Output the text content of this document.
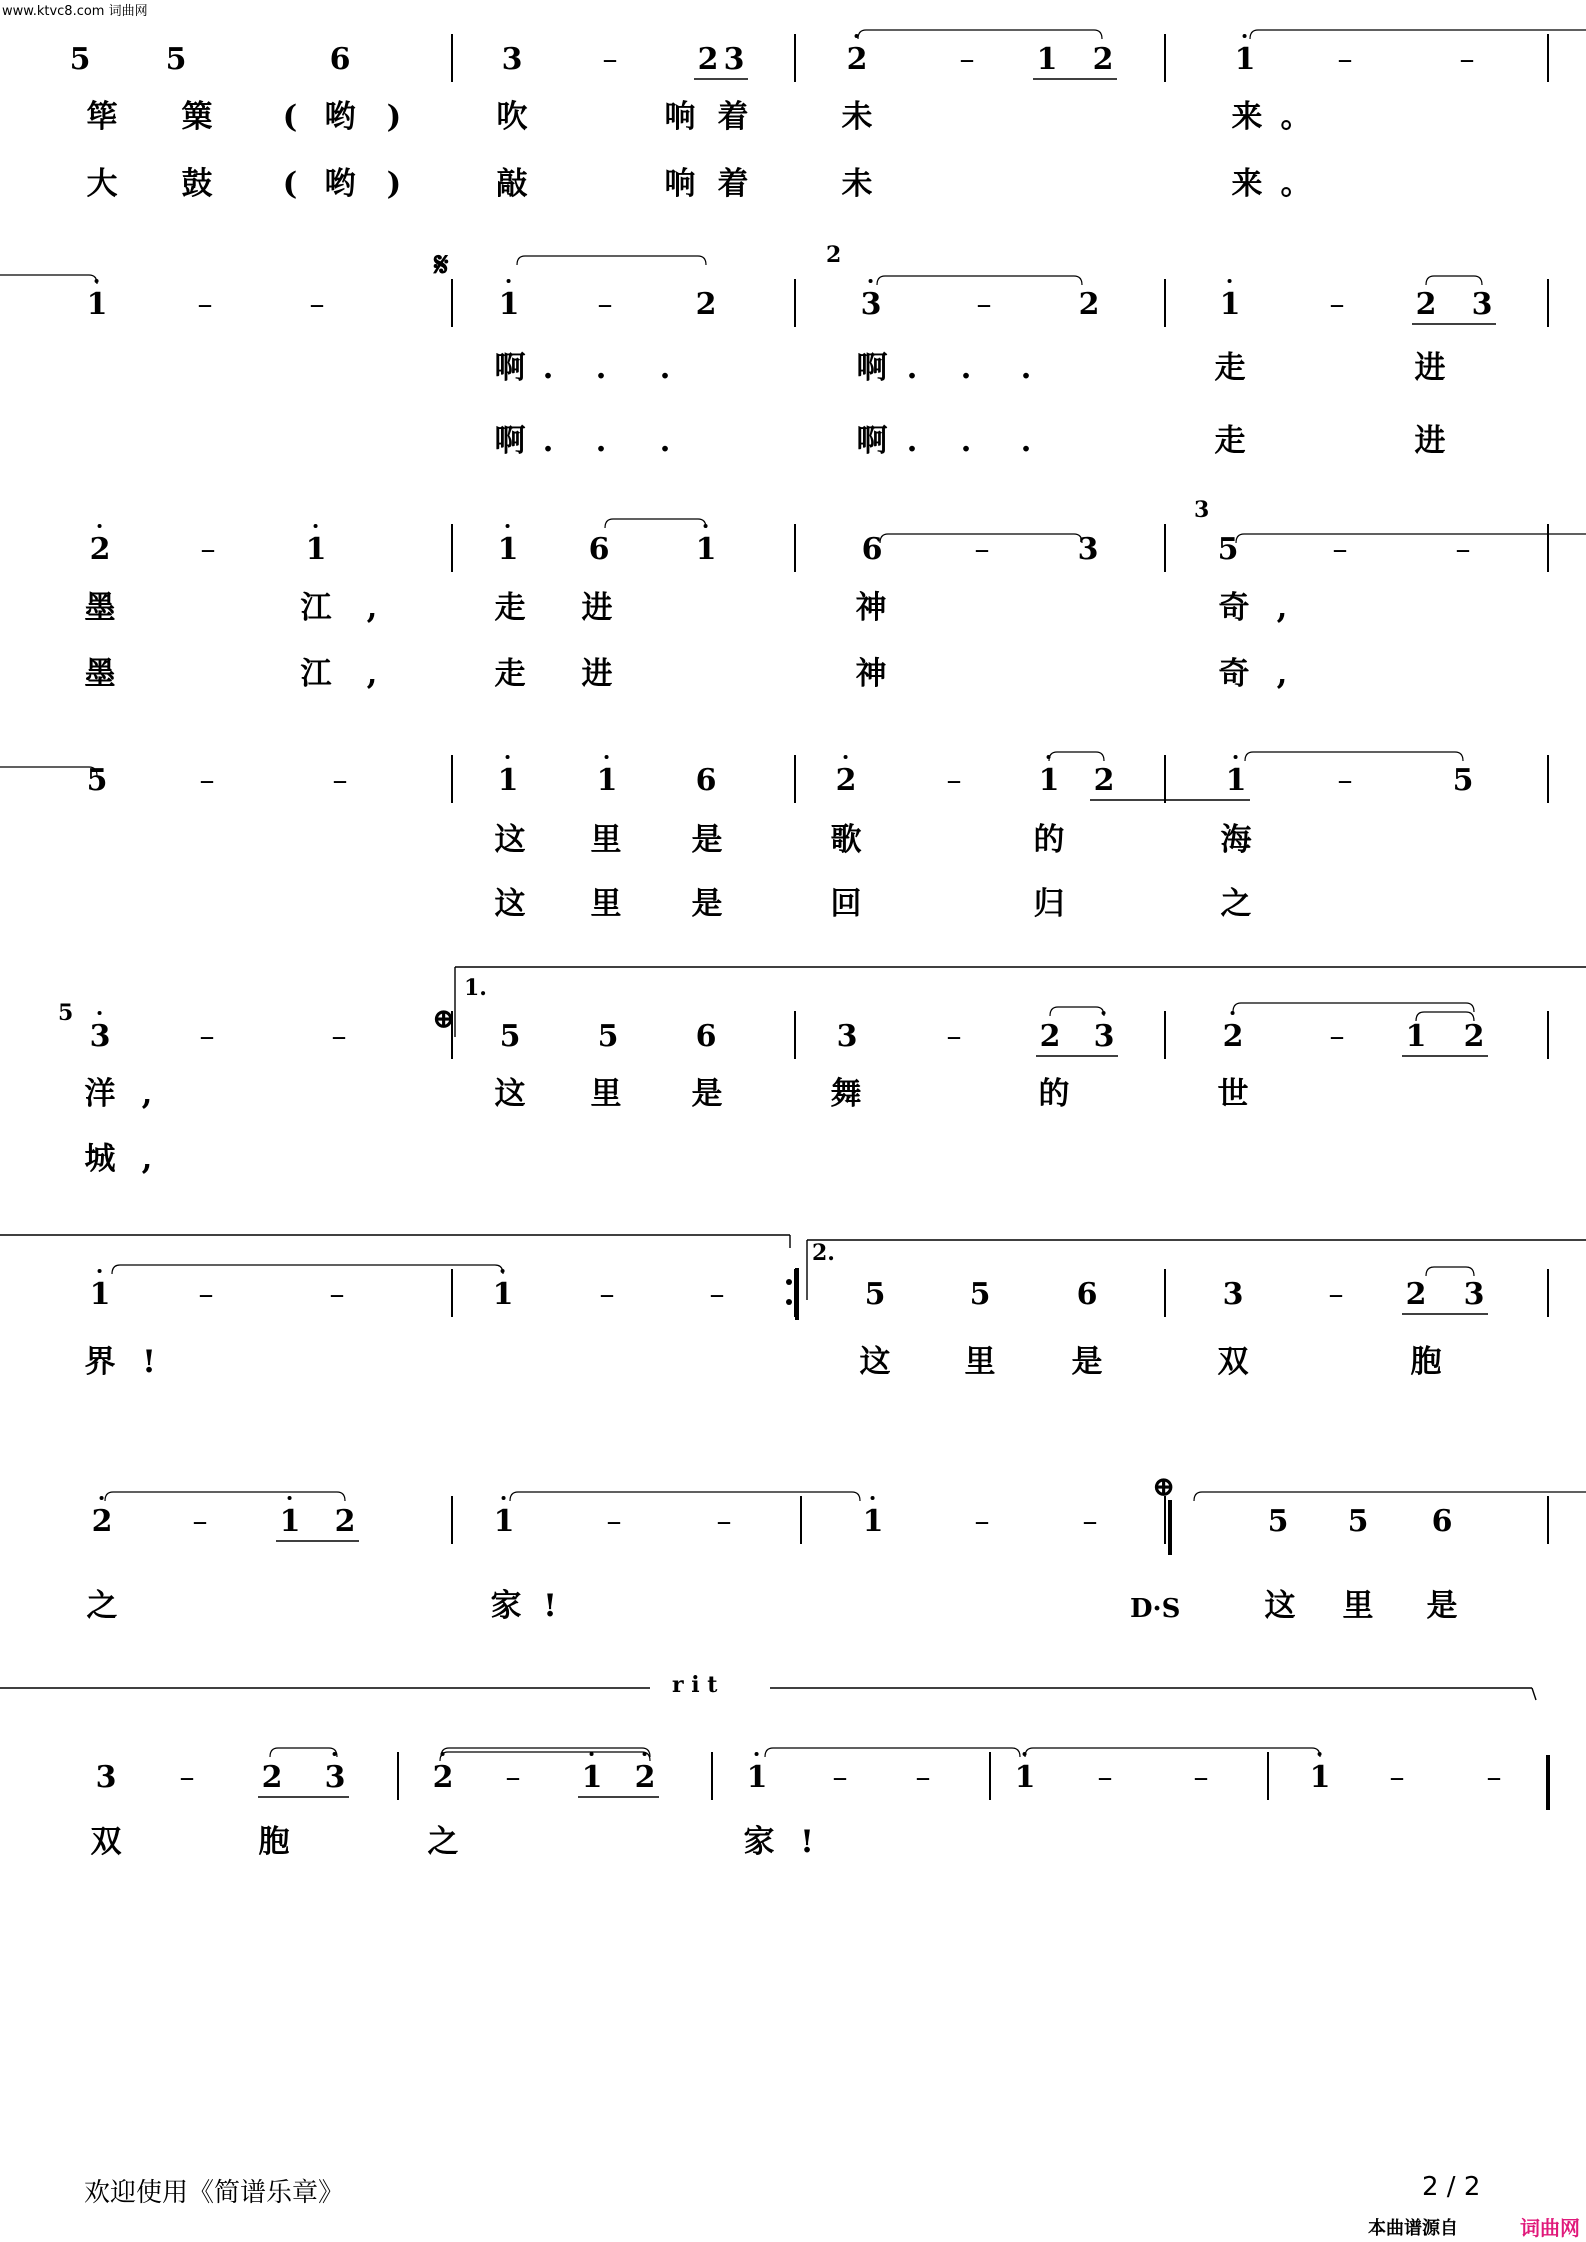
www.ktvc8.com 词曲网
5	5	6	3	–	2 3	2	– 1 2	1	–	–
筚 篥 ( 哟 )	吹	响 着	未	来 。
大 鼓 ( 哟 )	敲	响 着	未	来 。
1	–	–	1	–	2	3	–	2	1	– 2 3
啊 . . .	啊 . . .	走	进
啊 . . .	啊 . . .	走	进
2	–	1	1 6	1	6	–	3	5	–	–
墨	江 ,	走 进	神	奇 ,
墨	江 ,	走 进	神	奇 ,
5	–	–	1	1	6	2	–	1 2	1	–	5
这 里 是	歌	的	海
这 里 是	回	归	之
3	–	–	5	5	6	3	–	2 3	2	– 1 2
洋 ,	这 里 是	舞	的	世
城 ,
1	–	–	1	–	–	5	5	6	3	– 2 3
界 !	这 里 是	双	胞
2	– 1 2	1	–	–	1	–	–	5 5 6
之	家 !	这 里 是
3 – 2 3	2 – 1 2	1 – –	1 –	–	1 –	–
双	胞	之	家 !
𝄋	2
3
5	⊕
1.
2.
⊕
D·S
r i t
欢迎使用《简谱乐章》	2 / 2
本曲谱源自	词曲网
